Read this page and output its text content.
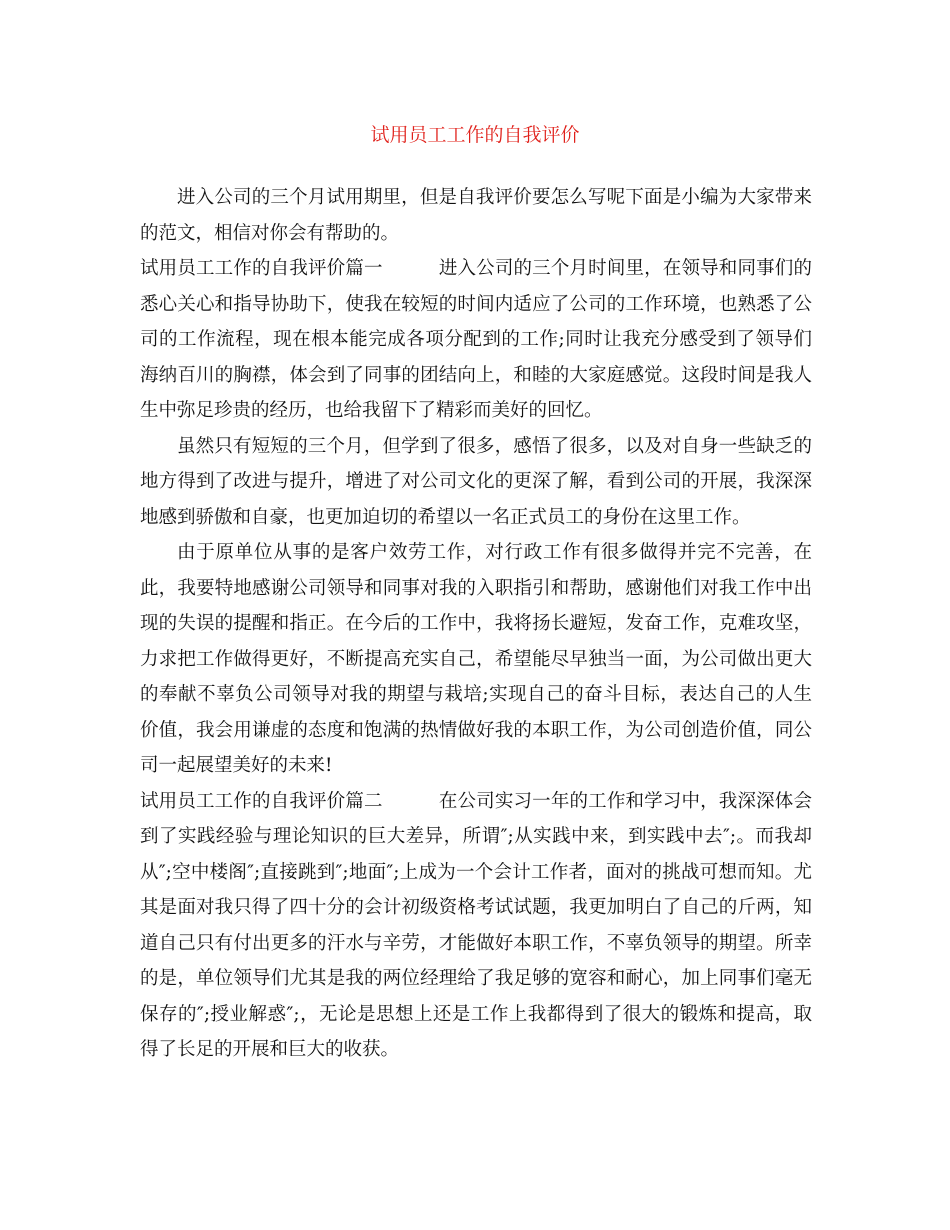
试用员工工作的自我评价

进入公司的三个月试用期里，但是自我评价要怎么写呢下面是小编为大家带来的范文，相信对你会有帮助的。

试用员工工作的自我评价篇一	进入公司的三个月时间里，在领导和同事们的悉心关心和指导协助下，使我在较短的时间内适应了公司的工作环境，也熟悉了公司的工作流程，现在根本能完成各项分配到的工作;同时让我充分感受到了领导们海纳百川的胸襟，体会到了同事的团结向上，和睦的大家庭感觉。这段时间是我人生中弥足珍贵的经历，也给我留下了精彩而美好的回忆。

虽然只有短短的三个月，但学到了很多，感悟了很多，以及对自身一些缺乏的地方得到了改进与提升，增进了对公司文化的更深了解，看到公司的开展，我深深地感到骄傲和自豪，也更加迫切的希望以一名正式员工的身份在这里工作。

由于原单位从事的是客户效劳工作，对行政工作有很多做得并完不完善，在此，我要特地感谢公司领导和同事对我的入职指引和帮助，感谢他们对我工作中出现的失误的提醒和指正。在今后的工作中，我将扬长避短，发奋工作，克难攻坚，力求把工作做得更好，不断提高充实自己，希望能尽早独当一面，为公司做出更大的奉献不辜负公司领导对我的期望与栽培;实现自己的奋斗目标，表达自己的人生价值，我会用谦虚的态度和饱满的热情做好我的本职工作，为公司创造价值，同公司一起展望美好的未来!

试用员工工作的自我评价篇二	在公司实习一年的工作和学习中，我深深体会到了实践经验与理论知识的巨大差异，所谓″;从实践中来，到实践中去″;。而我却从″;空中楼阁″;直接跳到″;地面″;上成为一个会计工作者，面对的挑战可想而知。尤其是面对我只得了四十分的会计初级资格考试试题，我更加明白了自己的斤两，知道自己只有付出更多的汗水与辛劳，才能做好本职工作，不辜负领导的期望。所幸的是，单位领导们尤其是我的两位经理给了我足够的宽容和耐心，加上同事们毫无保存的″;授业解惑″;，无论是思想上还是工作上我都得到了很大的锻炼和提高，取得了长足的开展和巨大的收获。
